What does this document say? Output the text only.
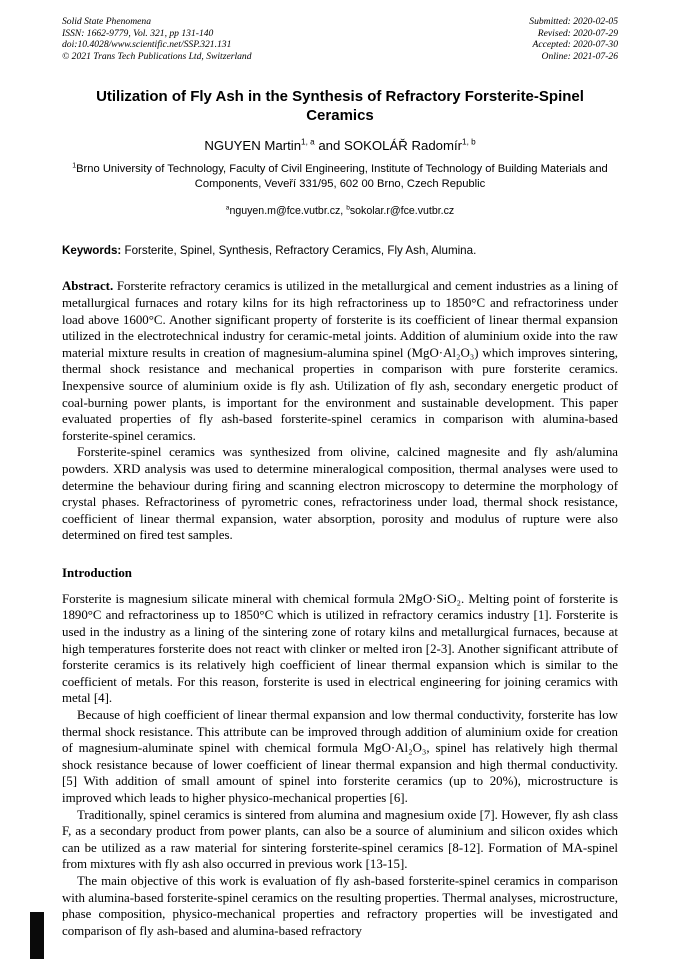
Solid State Phenomena
ISSN: 1662-9779, Vol. 321, pp 131-140
doi:10.4028/www.scientific.net/SSP.321.131
© 2021 Trans Tech Publications Ltd, Switzerland
Submitted: 2020-02-05
Revised: 2020-07-29
Accepted: 2020-07-30
Online: 2021-07-26
Utilization of Fly Ash in the Synthesis of Refractory Forsterite-Spinel Ceramics
NGUYEN Martin$^{1, a}$ and SOKOLÁŘ Radomír$^{1, b}$
$^1$Brno University of Technology, Faculty of Civil Engineering, Institute of Technology of Building Materials and Components, Veveří 331/95, 602 00 Brno, Czech Republic
$^a$nguyen.m@fce.vutbr.cz, $^b$sokolar.r@fce.vutbr.cz

Keywords: Forsterite, Spinel, Synthesis, Refractory Ceramics, Fly Ash, Alumina.

Abstract. Forsterite refractory ceramics is utilized in the metallurgical and cement industries as a lining of metallurgical furnaces and rotary kilns for its high refractoriness up to 1850°C and refractoriness under load above 1600°C. Another significant property of forsterite is its coefficient of linear thermal expansion utilized in the electrotechnical industry for ceramic-metal joints. Addition of aluminium oxide into the raw material mixture results in creation of magnesium-alumina spinel (MgO·Al₂O₃) which improves sintering, thermal shock resistance and mechanical properties in comparison with pure forsterite ceramics. Inexpensive source of aluminium oxide is fly ash. Utilization of fly ash, secondary energetic product of coal-burning power plants, is important for the environment and sustainable development. This paper evaluated properties of fly ash-based forsterite-spinel ceramics in comparison with alumina-based forsterite-spinel ceramics.

Forsterite-spinel ceramics was synthesized from olivine, calcined magnesite and fly ash/alumina powders. XRD analysis was used to determine mineralogical composition, thermal analyses were used to determine the behaviour during firing and scanning electron microscopy to determine the morphology of crystal phases. Refractoriness of pyrometric cones, refractoriness under load, thermal shock resistance, coefficient of linear thermal expansion, water absorption, porosity and modulus of rupture were also determined on fired test samples.

Introduction

Forsterite is magnesium silicate mineral with chemical formula 2MgO·SiO₂. Melting point of forsterite is 1890°C and refractoriness up to 1850°C which is utilized in refractory ceramics industry [1]. Forsterite is used in the industry as a lining of the sintering zone of rotary kilns and metallurgical furnaces, because at high temperatures forsterite does not react with clinker or melted iron [2-3]. Another significant attribute of forsterite ceramics is its relatively high coefficient of linear thermal expansion which is similar to the coefficient of metals. For this reason, forsterite is used in electrical engineering for joining ceramics with metal [4].

Because of high coefficient of linear thermal expansion and low thermal conductivity, forsterite has low thermal shock resistance. This attribute can be improved through addition of aluminium oxide for creation of magnesium-aluminate spinel with chemical formula MgO·Al₂O₃, spinel has relatively high thermal shock resistance because of lower coefficient of linear thermal expansion and high thermal conductivity. [5] With addition of small amount of spinel into forsterite ceramics (up to 20%), microstructure is improved which leads to higher physico-mechanical properties [6].

Traditionally, spinel ceramics is sintered from alumina and magnesium oxide [7]. However, fly ash class F, as a secondary product from power plants, can also be a source of aluminium and silicon oxides which can be utilized as a raw material for sintering forsterite-spinel ceramics [8-12]. Formation of MA-spinel from mixtures with fly ash also occurred in previous work [13-15].

The main objective of this work is evaluation of fly ash-based forsterite-spinel ceramics in comparison with alumina-based forsterite-spinel ceramics on the resulting properties. Thermal analyses, microstructure, phase composition, physico-mechanical properties and refractory properties will be investigated and comparison of fly ash-based and alumina-based refractory
